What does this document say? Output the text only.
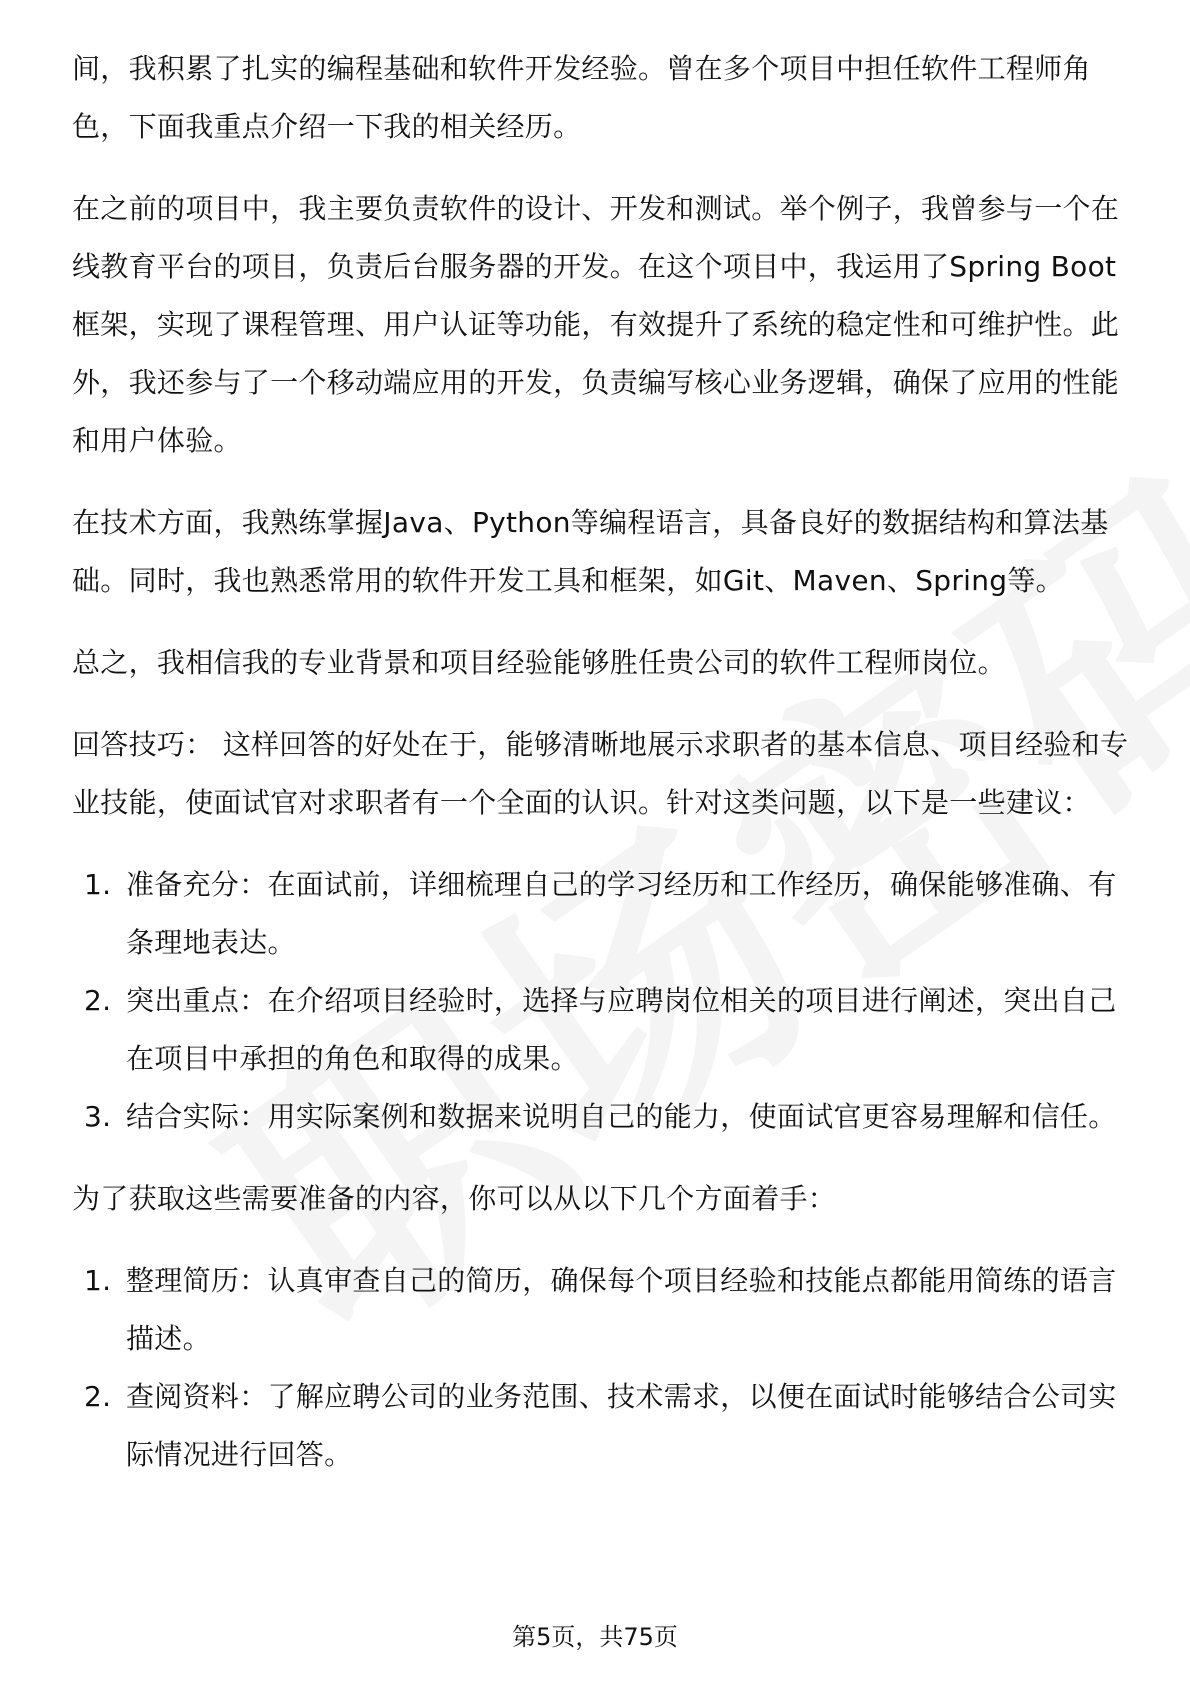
间，我积累了扎实的编程基础和软件开发经验。曾在多个项目中担任软件工程师角色，下面我重点介绍一下我的相关经历。

在之前的项目中，我主要负责软件的设计、开发和测试。举个例子，我曾参与一个在线教育平台的项目，负责后台服务器的开发。在这个项目中，我运用了Spring Boot框架，实现了课程管理、用户认证等功能，有效提升了系统的稳定性和可维护性。此外，我还参与了一个移动端应用的开发，负责编写核心业务逻辑，确保了应用的性能和用户体验。

在技术方面，我熟练掌握Java、Python等编程语言，具备良好的数据结构和算法基础。同时，我也熟悉常用的软件开发工具和框架，如Git、Maven、Spring等。

总之，我相信我的专业背景和项目经验能够胜任贵公司的软件工程师岗位。

回答技巧： 这样回答的好处在于，能够清晰地展示求职者的基本信息、项目经验和专业技能，使面试官对求职者有一个全面的认识。针对这类问题，以下是一些建议：

1. 准备充分：在面试前，详细梳理自己的学习经历和工作经历，确保能够准确、有条理地表达。
2. 突出重点：在介绍项目经验时，选择与应聘岗位相关的项目进行阐述，突出自己在项目中承担的角色和取得的成果。
3. 结合实际：用实际案例和数据来说明自己的能力，使面试官更容易理解和信任。

为了获取这些需要准备的内容，你可以从以下几个方面着手：

1. 整理简历：认真审查自己的简历，确保每个项目经验和技能点都能用简练的语言描述。
2. 查阅资料：了解应聘公司的业务范围、技术需求，以便在面试时能够结合公司实际情况进行回答。
第5页，共75页
